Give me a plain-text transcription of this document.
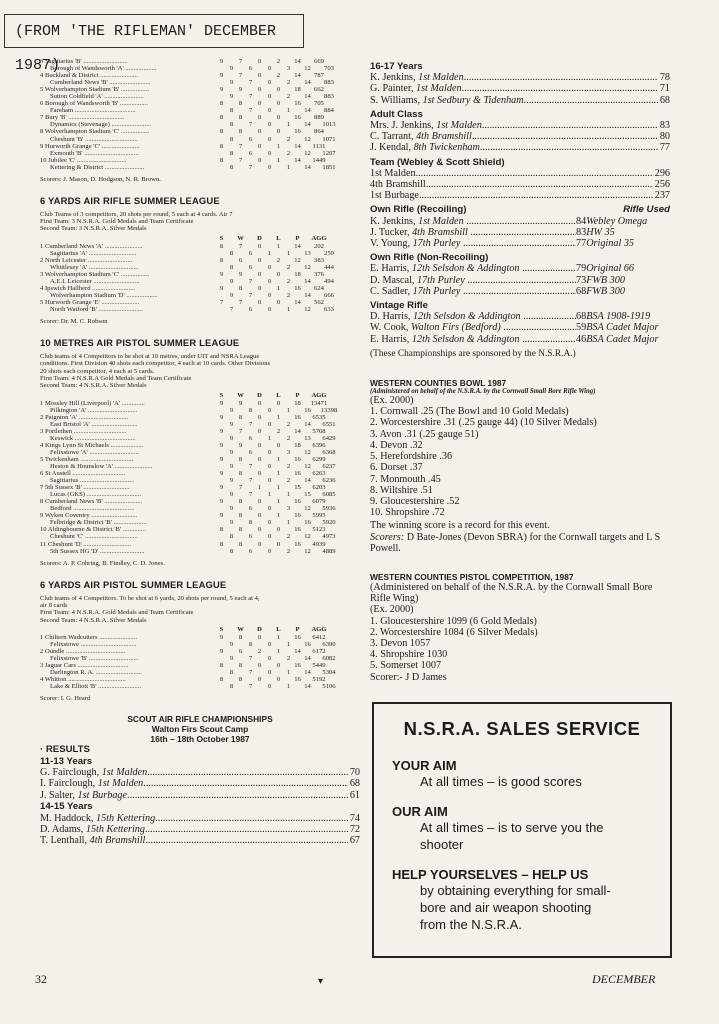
(FROM 'THE RIFLEMAN' DECEMBER 1987)
3 Sagittarius 'B' ...........................	9	7	0	2	14	669
Borough of Wandsworth 'A' ...................	9	6	0	3	12	703
4 Buckland & District .......................	9	7	0	2	14	787
Cumberland News 'B' .........................	9	7	0	2	14	883
5 Wolverhampton Stadium 'B' .................	9	9	0	0	18	662
Sutton Coldfield 'A' ........................	9	7	0	2	14	883
6 Borough of Wandsworth 'B' .................	8	8	0	0	16	705
Fareham .....................................	8	7	0	1	14	884
7 Bury 'B' ..................................	8	8	0	0	16	889
Dynamics (Stevenage) ........................	8	7	0	1	14	1013
8 Wolverhampton Stadium 'C' .................	8	8	0	0	16	864
Cheshunt 'B' ................................	8	6	0	2	12	1071
9 Hurworth Grange 'C' .......................	8	7	0	1	14	1131
Exmouth 'B' .................................	8	6	0	2	12	1207
10 Jubilee 'C' ..............................	8	7	0	1	14	1449
Kettering & District ........................	8	7	0	1	14	1851
Scorers: J. Mason, D. Hodgson, N. R. Brown.
6 YARDS AIR RIFLE SUMMER LEAGUE
Club Teams of 3 competitors, 20 shots per round, 5 each at 4 cards. Air 7
First Team: 3 N.S.R.A. Gold Medals and Team Certificate
Second Team: 3 N.S.R.A. Silver Medals
S	W	D	L	P	AGG
1 Cumberland News 'A' .......................	8	7	0	1	14	202
Sagittarius 'A' .............................	8	6	1	1	13	259
2 North Leicester ...........................	8	6	0	2	12	383
Whittlesey 'A' ..............................	8	6	0	2	12	444
3 Wolverhampton Stadium 'C' .................	9	9	0	0	18	376
A.E.I. Leicester ............................	9	7	0	2	14	494
4 Ipswich Hallherd ..........................	9	8	0	1	16	624
Wolverhampton Stadium 'D' ...................	9	7	0	2	14	666
5 Hurworth Grange 'E' .......................	7	7	0	0	14	562
North Watford 'B' ...........................	7	6	0	1	12	633
Scorer: Dr. M. C. Robson
10 METRES AIR PISTOL SUMMER LEAGUE
Club teams of 4 Competitors to be shot at 10 metres, under UIT and NSRA League
conditions. First Division 40 shots each competitor, 4 each at 10 cards. Other Divisions
20 shots each competitor, 4 each at 5 cards.
First Team: 4 N.S.R.A Gold Medals and Team Certificate
Second Team: 4 N.S.R.A. Silver Medals
S	W	D	L	P	AGG
1 Mossley Hill (Liverpool) 'A' ..............	9	9	0	0	18	13471
Pilkington 'A' ..............................	9	8	0	1	16	13398
2 Paignton 'A' ..............................	9	8	0	1	16	6535
East Bristol 'A' ............................	9	7	0	2	14	6551
3 Portlethen ................................	9	7	0	2	14	5768
Keswick .....................................	9	6	1	2	13	6429
4 Kings Lynn St Michaels ....................	9	9	0	0	18	6396
Felixstowe 'A' ..............................	9	6	0	3	12	6368
5 Twickenham ................................	9	8	0	1	16	6299
Heston & Hounslow 'A' .......................	9	7	0	2	12	6237
6 St Austell ................................	9	8	0	1	16	6263
Sagittarius .................................	9	7	0	2	14	6236
7 5th Sussex 'B' ............................	9	7	1	1	15	6203
Lucas (GKS) .................................	9	7	1	1	15	6085
8 Cumberland News 'B' .......................	9	8	0	1	16	6079
Bedford .....................................	9	6	0	3	12	5936
9 Wyken Coventry ............................	9	8	0	1	16	5995
Felbridge & District 'B' ....................	9	8	0	1	16	5920
10 Aldingbourne & District 'B' ..............	8	8	0	0	16	5123
Cheshunt 'C' ................................	8	6	0	2	12	4973
11 Cheshunt 'D' .............................	8	8	0	0	16	4939
5th Sussex HG 'D' ...........................	8	6	0	2	12	4889
Scorers: A. P. Cohring, B. Findley, C. D. Jones.
6 YARDS AIR PISTOL SUMMER LEAGUE
Club teams of 4 Competitors. To be shot at 6 yards, 20 shots per round, 5 each at 4,
air 8 cards
First Team: 4 N.S.R.A. Gold Medals and Team Certificate
Second Team: 4 N.S.R.A. Silver Medals
S	W	D	L	P	AGG
1 Chiltern Wadcutters .......................	9	8	0	1	16	6412
Felixstowe ..................................	9	8	0	1	16	6390
2 Oundle ....................................	9	6	2	1	14	6172
Felixstowe 'B' ..............................	9	7	0	2	14	6082
3 Jaguar Cars ...............................	8	8	0	0	16	5449
Darlington R. A. ............................	8	7	0	1	14	5304
4 Whitton ...................................	8	8	0	0	16	5192
Lake & Elliott 'B' ..........................	8	7	0	1	14	5106
Scorer: I. G. Heard
SCOUT AIR RIFLE CHAMPIONSHIPS
Walton Firs Scout Camp
16th – 18th October 1987
· RESULTS
11-13 Years
G. Fairclough, 1st Malden .....	70
I. Fairclough, 1st Malden .....	68
J. Salter, 1st Burbage .....	61
14-15 Years
M. Haddock, 15th Kettering .....	74
D. Adams, 15th Kettering .....	72
T. Lenthall, 4th Bramshill .....	67
16-17 Years
K. Jenkins, 1st Malden .....	78
G. Painter, 1st Malden .....	71
S. Williams, 1st Sedbury & Tidenham .....	68
Adult Class
Mrs. J. Jenkins, 1st Malden .....	83
C. Tarrant, 4th Bramshill .....	80
J. Kendal, 8th Twickenham .....	77
Team (Webley & Scott Shield)
1st Malden .....	296
4th Bramshill .....	256
1st Burbage .....	237
Own Rifle (Recoiling)	Rifle Used
K. Jenkins, 1st Malden .....	84 Webley Omega
J. Tucker, 4th Bramshill .....	83 HW 35
V. Young, 17th Purley .....	77 Original 35
Own Rifle (Non-Recoiling)
E. Harris, 12th Selsdon & Addington .....	79 Original 66
D. Mascal, 17th Purley .....	73 FWB 300
C. Sadler, 17th Purley .....	68 FWB 300
Vintage Rifle
D. Harris, 12th Selsdon & Addington .....	68 BSA 1908-1919
W. Cook, Walton Firs (Bedford) .....	59 BSA Cadet Major
E. Harris, 12th Selsdon & Addington .....	46 BSA Cadet Major
(These Championships are sponsored by the N.S.R.A.)
WESTERN COUNTIES BOWL 1987
(Administered on behalf of the N.S.R.A. by the Cornwall Small Bore Rifle Wing)
(Ex. 2000)
1. Cornwall .25 (The Bowl and 10 Gold Medals)
2. Worcestershire .31 (.25 gauge 44) (10 Silver Medals)
3. Avon .31 (.25 gauge 51)
4. Devon .32
5. Herefordshire .36
6. Dorset .37
7. Monmouth .45
8. Wiltshire .51
9. Gloucestershire .52
10. Shropshire .72
The winning score is a record for this event.
Scorers: D Bate-Jones (Devon SBRA) for the Cornwall targets and L S Powell.
WESTERN COUNTIES PISTOL COMPETITION, 1987
(Administered on behalf of the N.S.R.A. by the Cornwall Small Bore Rifle Wing)
(Ex. 2000)
1. Gloucestershire 1099 (6 Gold Medals)
2. Worcestershire 1084 (6 Silver Medals)
3. Devon 1057
4. Shropshire 1030
5. Somerset 1007
Scorer:- J D James
N.S.R.A. SALES SERVICE
YOUR AIM
At all times – is good scores
OUR AIM
At all times – is to serve you the
shooter
HELP YOURSELVES – HELP US
by obtaining everything for small-
bore and air weapon shooting
from the N.S.R.A.
32	▾	DECEMBER
